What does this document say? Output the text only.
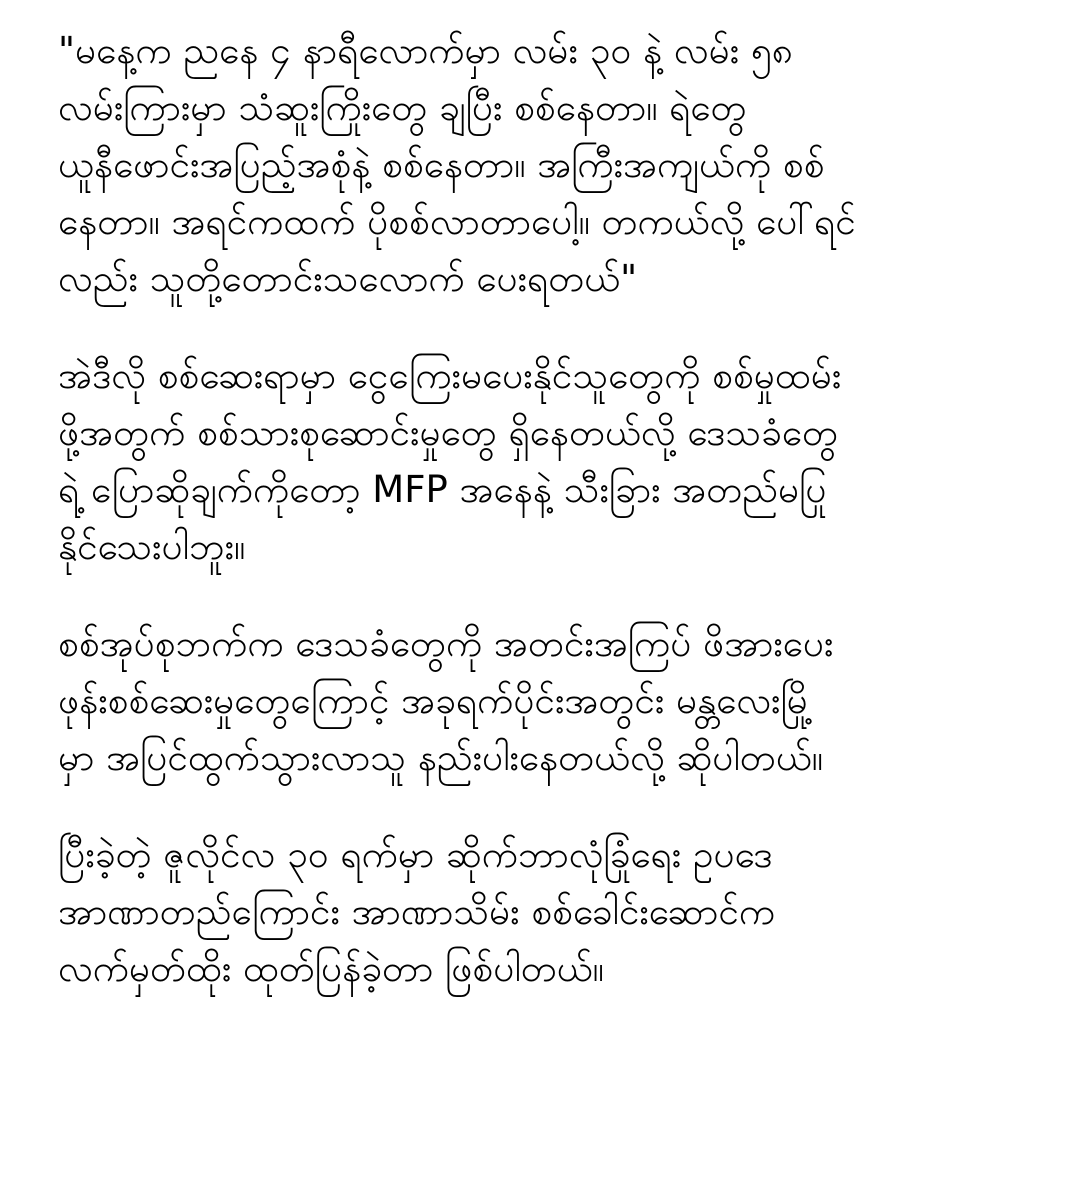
"မနေ့က ညနေ ၄ နာရီလောက်မှာ လမ်း ၃၀ နဲ့ လမ်း ၅၈
လမ်းကြားမှာ သံဆူးကြိုးတွေ ချပြီး စစ်နေတာ။ ရဲတွေ
ယူနီဖောင်းအပြည့်အစုံနဲ့ စစ်နေတာ။ အကြီးအကျယ်ကို စစ်
နေတာ။ အရင်ကထက် ပိုစစ်လာတာပေါ့။ တကယ်လို့ ပေါ်ရင်
လည်း သူတို့တောင်းသလောက် ပေးရတယ်"
အဲဒီလို စစ်ဆေးရာမှာ ငွေကြေးမပေးနိုင်သူတွေကို စစ်မှုထမ်း
ဖို့အတွက် စစ်သားစုဆောင်းမှုတွေ ရှိနေတယ်လို့ ဒေသခံတွေ
ရဲ့ ပြောဆိုချက်ကိုတော့ MFP အနေနဲ့ သီးခြား အတည်မပြု
နိုင်သေးပါဘူး။
စစ်အုပ်စုဘက်က ဒေသခံတွေကို အတင်းအကြပ် ဖိအားပေး
ဖုန်းစစ်ဆေးမှုတွေကြောင့် အခုရက်ပိုင်းအတွင်း မန္တလေးမြို့
မှာ အပြင်ထွက်သွားလာသူ နည်းပါးနေတယ်လို့ ဆိုပါတယ်။
ပြီးခဲ့တဲ့ ဇူလိုင်လ ၃၀ ရက်မှာ ဆိုက်ဘာလုံခြုံရေး ဥပဒေ
အာဏာတည်ကြောင်း အာဏာသိမ်း စစ်ခေါင်းဆောင်က
လက်မှတ်ထိုး ထုတ်ပြန်ခဲ့တာ ဖြစ်ပါတယ်။
